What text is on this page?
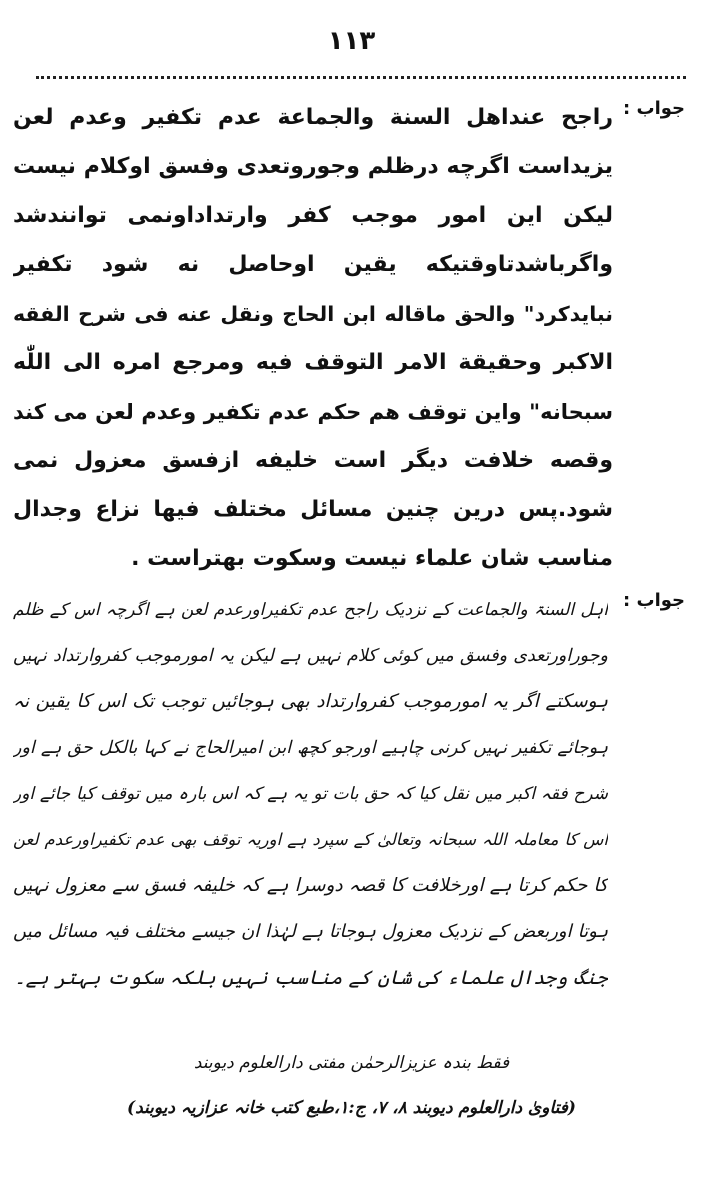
١١٣
جواب :
راجح عنداهل السنة والجماعة عدم تکفیر وعدم لعن
یزیداست اگرچه درظلم وجوروتعدی وفسق اوکلام نیست
لیکن این امور موجب کفر وارتداداونمی توانندشد
واگرباشدتاوقتیکه یقین اوحاصل نه شود تکفیر
نبایدکرد" والحق ماقاله ابن الحاج ونقل عنه فی شرح الفقه
الاکبر وحقیقة الامر التوقف فیه ومرجع امره الی اللّٰه
سبحانه" واین توقف هم حکم عدم تکفیر وعدم لعن می کند
وقصه خلافت دیگر است خلیفه ازفسق معزول نمی
شود.پس درین چنین مسائل مختلف فیها نزاع وجدال
مناسب شان علماء نیست وسکوت بهتراست .
جواب :
اہل السنۃ والجماعت کے نزدیک راجح عدم تکفیراورعدم لعن ہے اگرچہ اس کے ظلم
وجوراورتعدی وفسق میں کوئی کلام نہیں ہے لیکن یہ امورموجب کفروارتداد نہیں
ہوسکتے اگر یہ امورموجب کفروارتداد بھی ہوجائیں توجب تک اس کا یقین نہ
ہوجائے تکفیر نہیں کرنی چاہیے اورجو کچھ ابن امیرالحاج نے کہا بالکل حق ہے اور
شرح فقہ اکبر میں نقل کیا کہ حق بات تو یہ ہے کہ اس بارہ میں توقف کیا جائے اور
اس کا معاملہ اللہ سبحانہ وتعالیٰ کے سپرد ہے اوریہ توقف بھی عدم تکفیراورعدم لعن
کا حکم کرتا ہے اورخلافت کا قصہ دوسرا ہے کہ خلیفہ فسق سے معزول نہیں
ہوتا اوربعض کے نزدیک معزول ہوجاتا ہے لہٰذا ان جیسے مختلف فیہ مسائل میں
جنگ وجدال علماء کی شان کے مناسب نہیں بلکہ سکوت بہتر ہے۔
فقط بندہ عزیزالرحمٰن مفتی دارالعلوم دیوبند
(فتاویٰ دارالعلوم دیوبند ۸، ۷، ج:۱،طبع کتب خانہ عزازیہ دیوبند)
